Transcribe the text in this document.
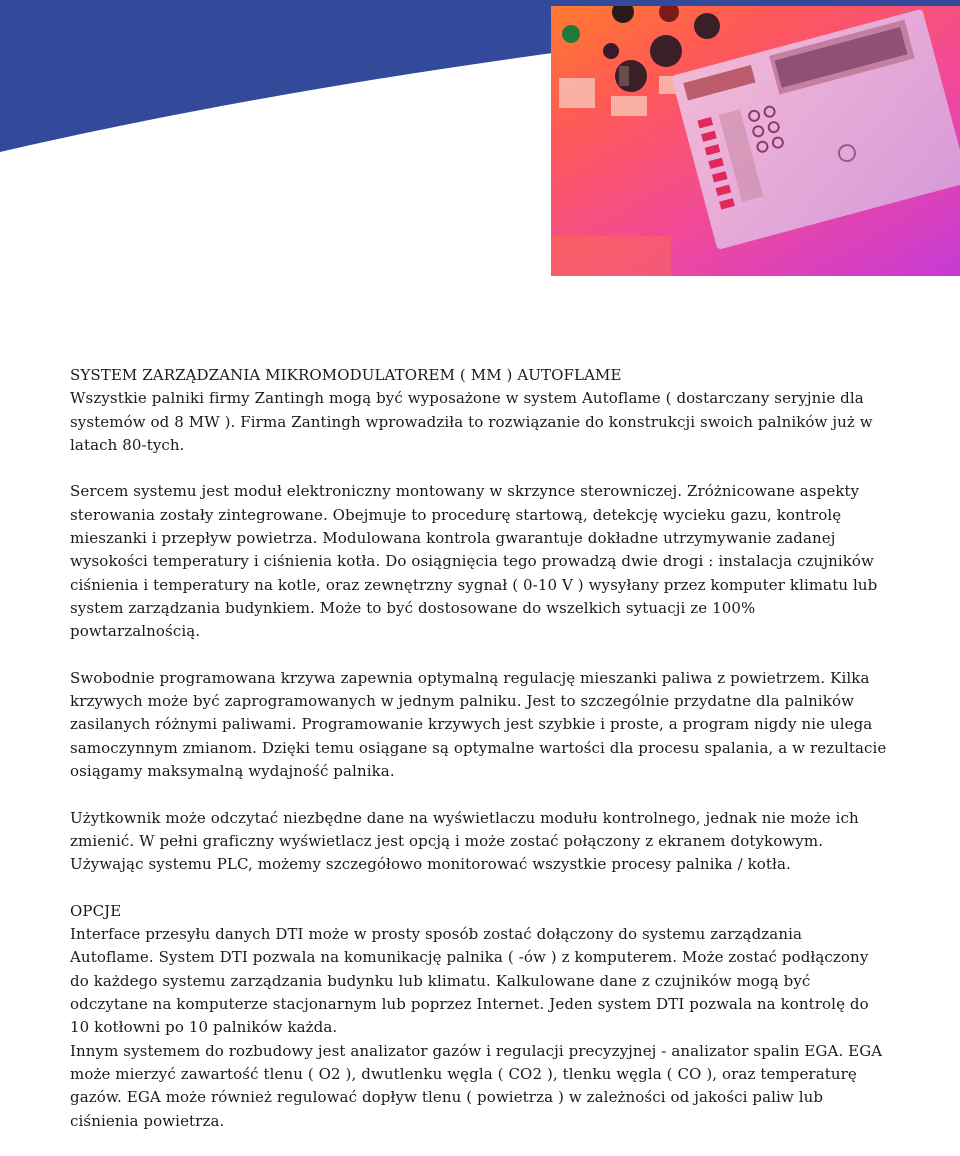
SYSTEM ZARZĄDZANIA MIKROMODULATOREM ( MM ) AUTOFLAME

Wszystkie palniki firmy Zantingh mogą być wyposażone w system Autoflame ( dostarczany seryjnie dla systemów od 8 MW ). Firma Zantingh wprowadziła to rozwiązanie do konstrukcji swoich palników już w latach 80-tych.

Sercem systemu jest moduł elektroniczny montowany w skrzynce sterowniczej. Zróżnicowane aspekty sterowania zostały zintegrowane. Obejmuje to procedurę startową, detekcję wycieku gazu, kontrolę mieszanki i przepływ powietrza. Modulowana kontrola gwarantuje dokładne utrzymywanie zadanej wysokości temperatury i ciśnienia kotła. Do osiągnięcia tego prowadzą dwie drogi : instalacja czujników ciśnienia i temperatury na kotle, oraz zewnętrzny sygnał ( 0-10 V ) wysyłany przez komputer klimatu lub system zarządzania budynkiem. Może to być dostosowane do wszelkich sytuacji ze 100% powtarzalnością.

Swobodnie programowana krzywa zapewnia optymalną regulację mieszanki paliwa z powietrzem. Kilka krzywych może być zaprogramowanych w jednym palniku. Jest to szczególnie przydatne dla palników zasilanych różnymi paliwami. Programowanie krzywych jest szybkie i proste, a program nigdy nie ulega samoczynnym zmianom. Dzięki temu osiągane są optymalne wartości dla procesu spalania, a w rezultacie osiągamy maksymalną wydajność palnika.

Użytkownik może odczytać niezbędne dane na wyświetlaczu modułu kontrolnego, jednak nie może ich zmienić. W pełni graficzny wyświetlacz jest opcją i może zostać połączony z ekranem dotykowym. Używając systemu PLC, możemy szczegółowo monitorować wszystkie procesy palnika / kotła.

OPCJE

Interface przesyłu danych DTI może w prosty sposób zostać dołączony do systemu zarządzania Autoflame. System DTI pozwala na komunikację palnika ( -ów ) z komputerem. Może zostać podłączony do każdego systemu zarządzania budynku lub klimatu. Kalkulowane dane z czujników mogą być odczytane na komputerze stacjonarnym lub poprzez Internet. Jeden system DTI pozwala na kontrolę do 10 kotłowni po 10 palników każda.

Innym systemem do rozbudowy jest analizator gazów i regulacji precyzyjnej - analizator spalin EGA. EGA może mierzyć zawartość tlenu ( O2 ), dwutlenku węgla ( CO2 ), tlenku węgla ( CO ), oraz temperaturę gazów. EGA może również regulować dopływ tlenu ( powietrza ) w zależności od jakości paliw lub ciśnienia powietrza.
